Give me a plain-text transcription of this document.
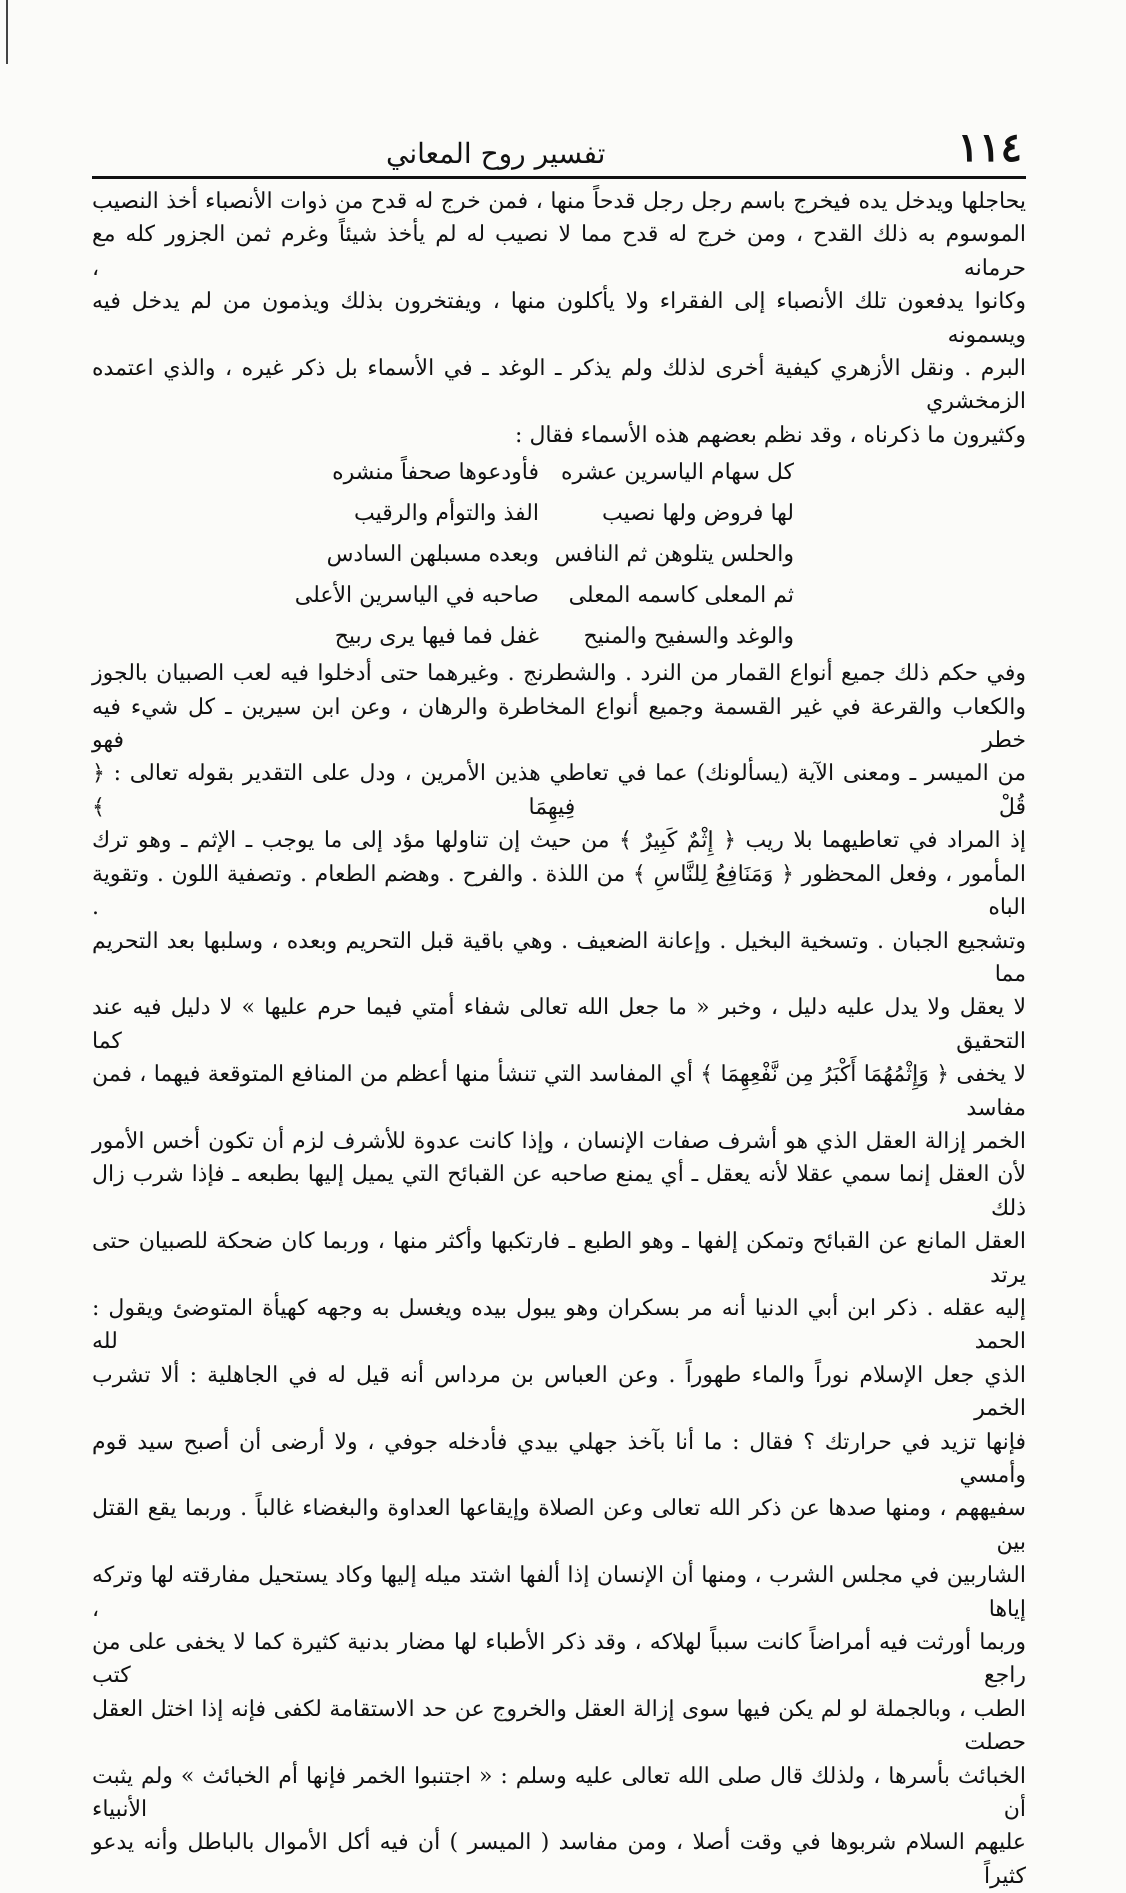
١١٤
تفسير روح المعاني

يحاجلها ويدخل يده فيخرج باسم رجل رجل قدحاً منها ، فمن خرج له قدح من ذوات الأنصباء أخذ النصيب

الموسوم به ذلك القدح ، ومن خرج له قدح مما لا نصيب له لم يأخذ شيئاً وغرم ثمن الجزور كله مع حرمانه ،

وكانوا يدفعون تلك الأنصباء إلى الفقراء ولا يأكلون منها ، ويفتخرون بذلك ويذمون من لم يدخل فيه ويسمونه

البرم . ونقل الأزهري كيفية أخرى لذلك ولم يذكر ـ الوغد ـ في الأسماء بل ذكر غيره ، والذي اعتمده الزمخشري

وكثيرون ما ذكرناه ، وقد نظم بعضهم هذه الأسماء فقال :

كل سهام الياسرين عشره
فأودعوها صحفاً منشره
لها فروض ولها نصيب
الفذ والتوأم والرقيب
والحلس يتلوهن ثم النافس
وبعده مسبلهن السادس
ثم المعلى كاسمه المعلى
صاحبه في الياسرين الأعلى
والوغد والسفيح والمنيح
غفل فما فيها يرى ربيح

وفي حكم ذلك جميع أنواع القمار من النرد . والشطرنج . وغيرهما حتى أدخلوا فيه لعب الصبيان بالجوز

والكعاب والقرعة في غير القسمة وجميع أنواع المخاطرة والرهان ، وعن ابن سيرين ـ كل شيء فيه خطر فهو

من الميسر ـ ومعنى الآية (يسألونك) عما في تعاطي هذين الأمرين ، ودل على التقدير بقوله تعالى : ﴿ قُلْ فِيهِمَا ﴾

إذ المراد في تعاطيهما بلا ريب ﴿ إِثْمٌ كَبِيرٌ ﴾ من حيث إن تناولها مؤد إلى ما يوجب ـ الإثم ـ وهو ترك

المأمور ، وفعل المحظور ﴿ وَمَنَافِعُ لِلنَّاسِ ﴾ من اللذة . والفرح . وهضم الطعام . وتصفية اللون . وتقوية الباه .

وتشجيع الجبان . وتسخية البخيل . وإعانة الضعيف . وهي باقية قبل التحريم وبعده ، وسلبها بعد التحريم مما

لا يعقل ولا يدل عليه دليل ، وخبر « ما جعل الله تعالى شفاء أمتي فيما حرم عليها » لا دليل فيه عند التحقيق كما

لا يخفى ﴿ وَإِثْمُهُمَا أَكْبَرُ مِن نَّفْعِهِمَا ﴾ أي المفاسد التي تنشأ منها أعظم من المنافع المتوقعة فيهما ، فمن مفاسد

الخمر إزالة العقل الذي هو أشرف صفات الإنسان ، وإذا كانت عدوة للأشرف لزم أن تكون أخس الأمور

لأن العقل إنما سمي عقلا لأنه يعقل ـ أي يمنع صاحبه عن القبائح التي يميل إليها بطبعه ـ فإذا شرب زال ذلك

العقل المانع عن القبائح وتمكن إلفها ـ وهو الطبع ـ فارتكبها وأكثر منها ، وربما كان ضحكة للصبيان حتى يرتد

إليه عقله . ذكر ابن أبي الدنيا أنه مر بسكران وهو يبول بيده ويغسل به وجهه كهيأة المتوضئ ويقول : الحمد لله

الذي جعل الإسلام نوراً والماء طهوراً . وعن العباس بن مرداس أنه قيل له في الجاهلية : ألا تشرب الخمر

فإنها تزيد في حرارتك ؟ فقال : ما أنا بآخذ جهلي بيدي فأدخله جوفي ، ولا أرضى أن أصبح سيد قوم وأمسي

سفيههم ، ومنها صدها عن ذكر الله تعالى وعن الصلاة وإيقاعها العداوة والبغضاء غالباً . وربما يقع القتل بين

الشاربين في مجلس الشرب ، ومنها أن الإنسان إذا ألفها اشتد ميله إليها وكاد يستحيل مفارقته لها وتركه إياها ،

وربما أورثت فيه أمراضاً كانت سبباً لهلاكه ، وقد ذكر الأطباء لها مضار بدنية كثيرة كما لا يخفى على من راجع كتب

الطب ، وبالجملة لو لم يكن فيها سوى إزالة العقل والخروج عن حد الاستقامة لكفى فإنه إذا اختل العقل حصلت

الخبائث بأسرها ، ولذلك قال صلى الله تعالى عليه وسلم : « اجتنبوا الخمر فإنها أم الخبائث » ولم يثبت أن الأنبياء

عليهم السلام شربوها في وقت أصلا ، ومن مفاسد ( الميسر ) أن فيه أكل الأموال بالباطل وأنه يدعو كثيراً
